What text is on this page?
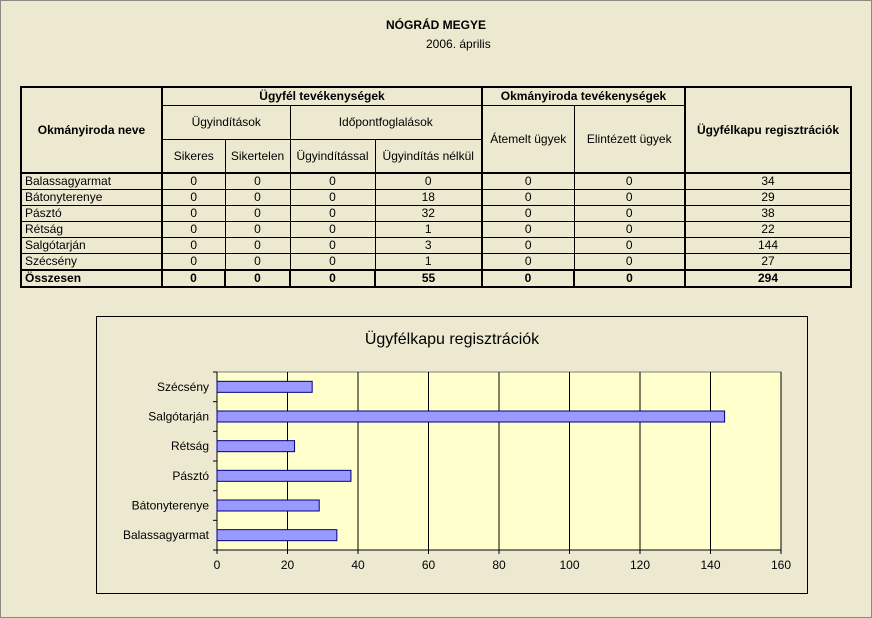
NÓGRÁD MEGYE
2006. április
Okmányiroda neve	Ügyfél tevékenységek				Okmányiroda tevékenységek		Ügyfélkapu regisztrációk
	Ügyindítások		Időpontfoglalások		Átemelt ügyek	Elintézett ügyek	
	Sikeres	Sikertelen	Ügyindítással	Ügyindítás nélkül			
Balassagyarmat	0	0	0	0	0	0	34
Bátonyterenye	0	0	0	18	0	0	29
Pásztó	0	0	0	32	0	0	38
Rétság	0	0	0	1	0	0	22
Salgótarján	0	0	0	3	0	0	144
Szécsény	0	0	0	1	0	0	27
Összesen	0	0	0	55	0	0	294
Ügyfélkapu regisztrációk
0	20	40	60	80	100	120	140	160
Balassagyarmat
Bátonyterenye
Pásztó
Rétság
Salgótarján
Szécsény
